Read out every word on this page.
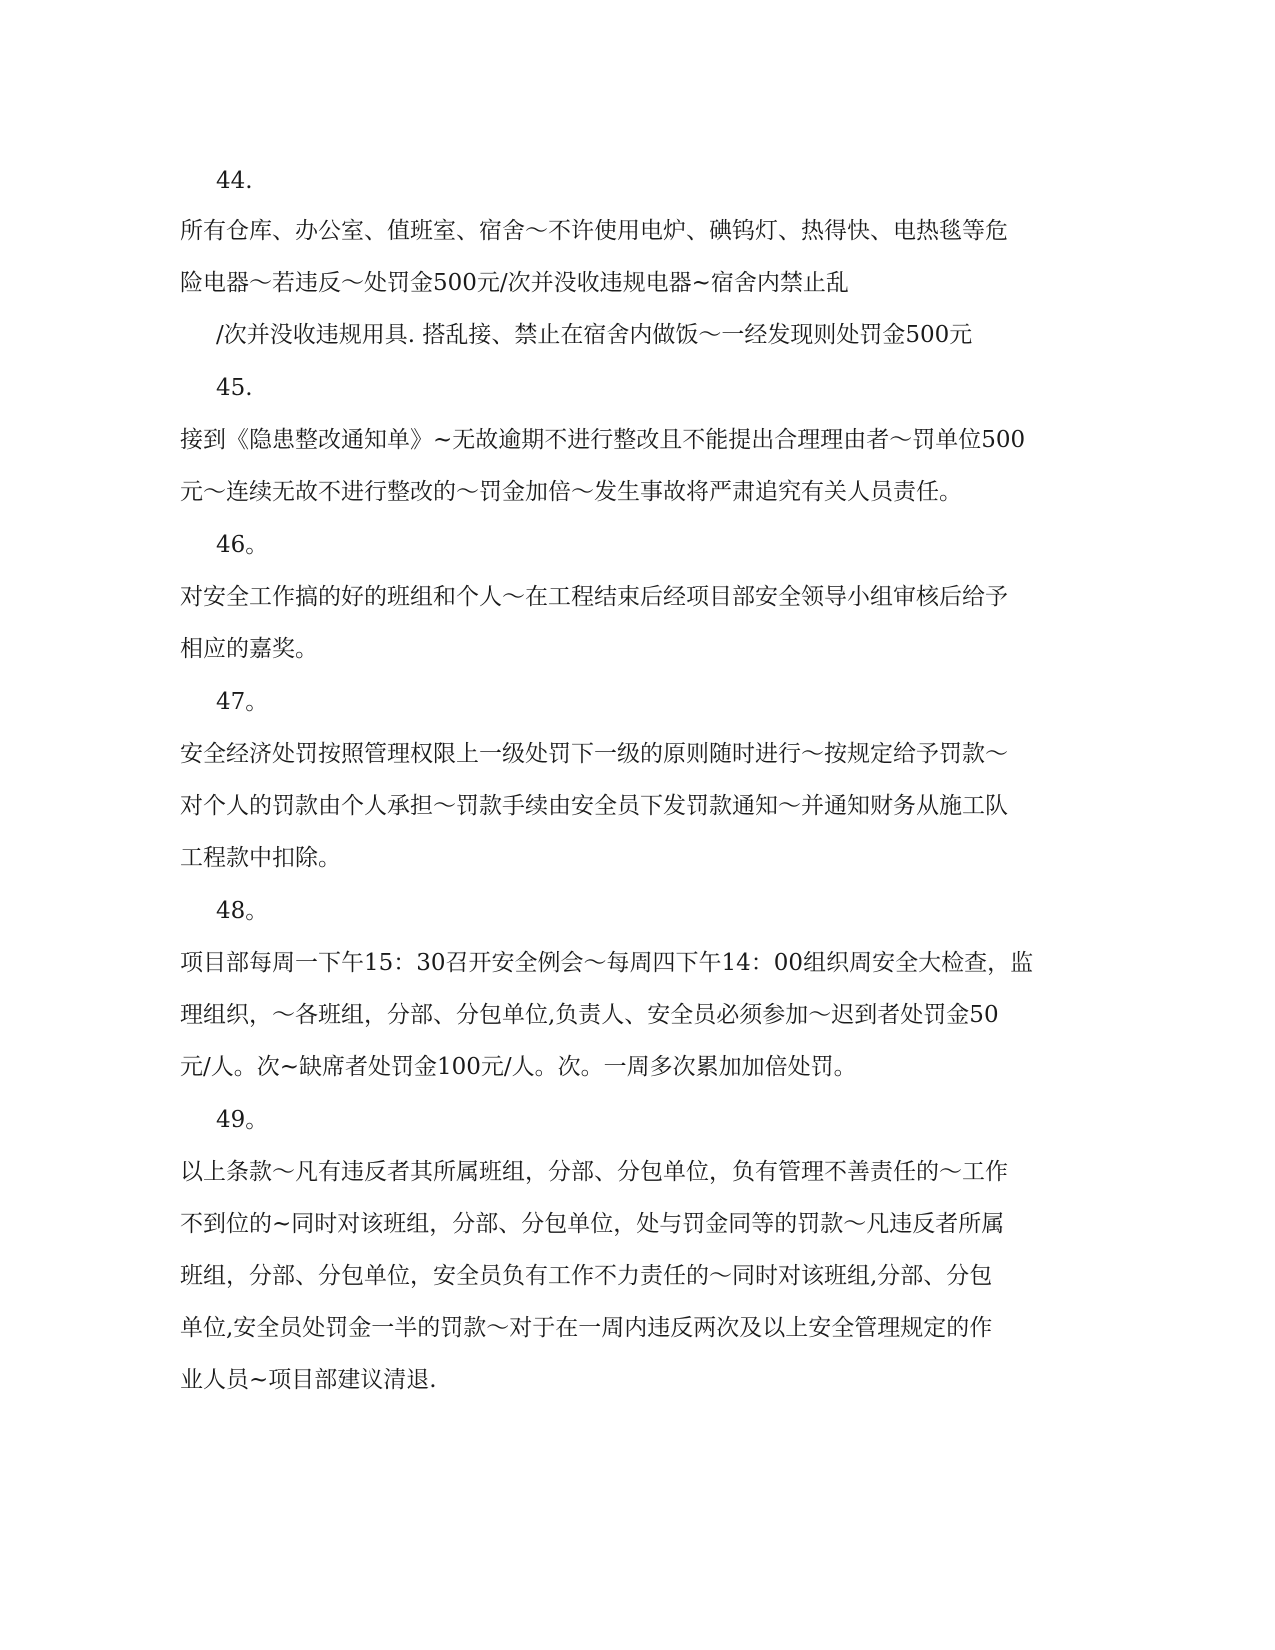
44.
所有仓库、办公室、值班室、宿舍～不许使用电炉、碘钨灯、热得快、电热毯等危
险电器～若违反～处罚金500元/次并没收违规电器~宿舍内禁止乱
/次并没收违规用具. 搭乱接、禁止在宿舍内做饭～一经发现则处罚金500元
45.
接到《隐患整改通知单》~无故逾期不进行整改且不能提出合理理由者～罚单位500
元～连续无故不进行整改的～罚金加倍～发生事故将严肃追究有关人员责任。
46。
对安全工作搞的好的班组和个人～在工程结束后经项目部安全领导小组审核后给予
相应的嘉奖。
47。
安全经济处罚按照管理权限上一级处罚下一级的原则随时进行～按规定给予罚款～
对个人的罚款由个人承担～罚款手续由安全员下发罚款通知～并通知财务从施工队
工程款中扣除。
48。
项目部每周一下午15：30召开安全例会～每周四下午14：00组织周安全大检查，监
理组织，～各班组，分部、分包单位,负责人、安全员必须参加～迟到者处罚金50
元/人。次~缺席者处罚金100元/人。次。一周多次累加加倍处罚。
49。
以上条款～凡有违反者其所属班组，分部、分包单位，负有管理不善责任的～工作
不到位的~同时对该班组，分部、分包单位，处与罚金同等的罚款～凡违反者所属
班组，分部、分包单位，安全员负有工作不力责任的～同时对该班组,分部、分包
单位,安全员处罚金一半的罚款～对于在一周内违反两次及以上安全管理规定的作
业人员~项目部建议清退.
